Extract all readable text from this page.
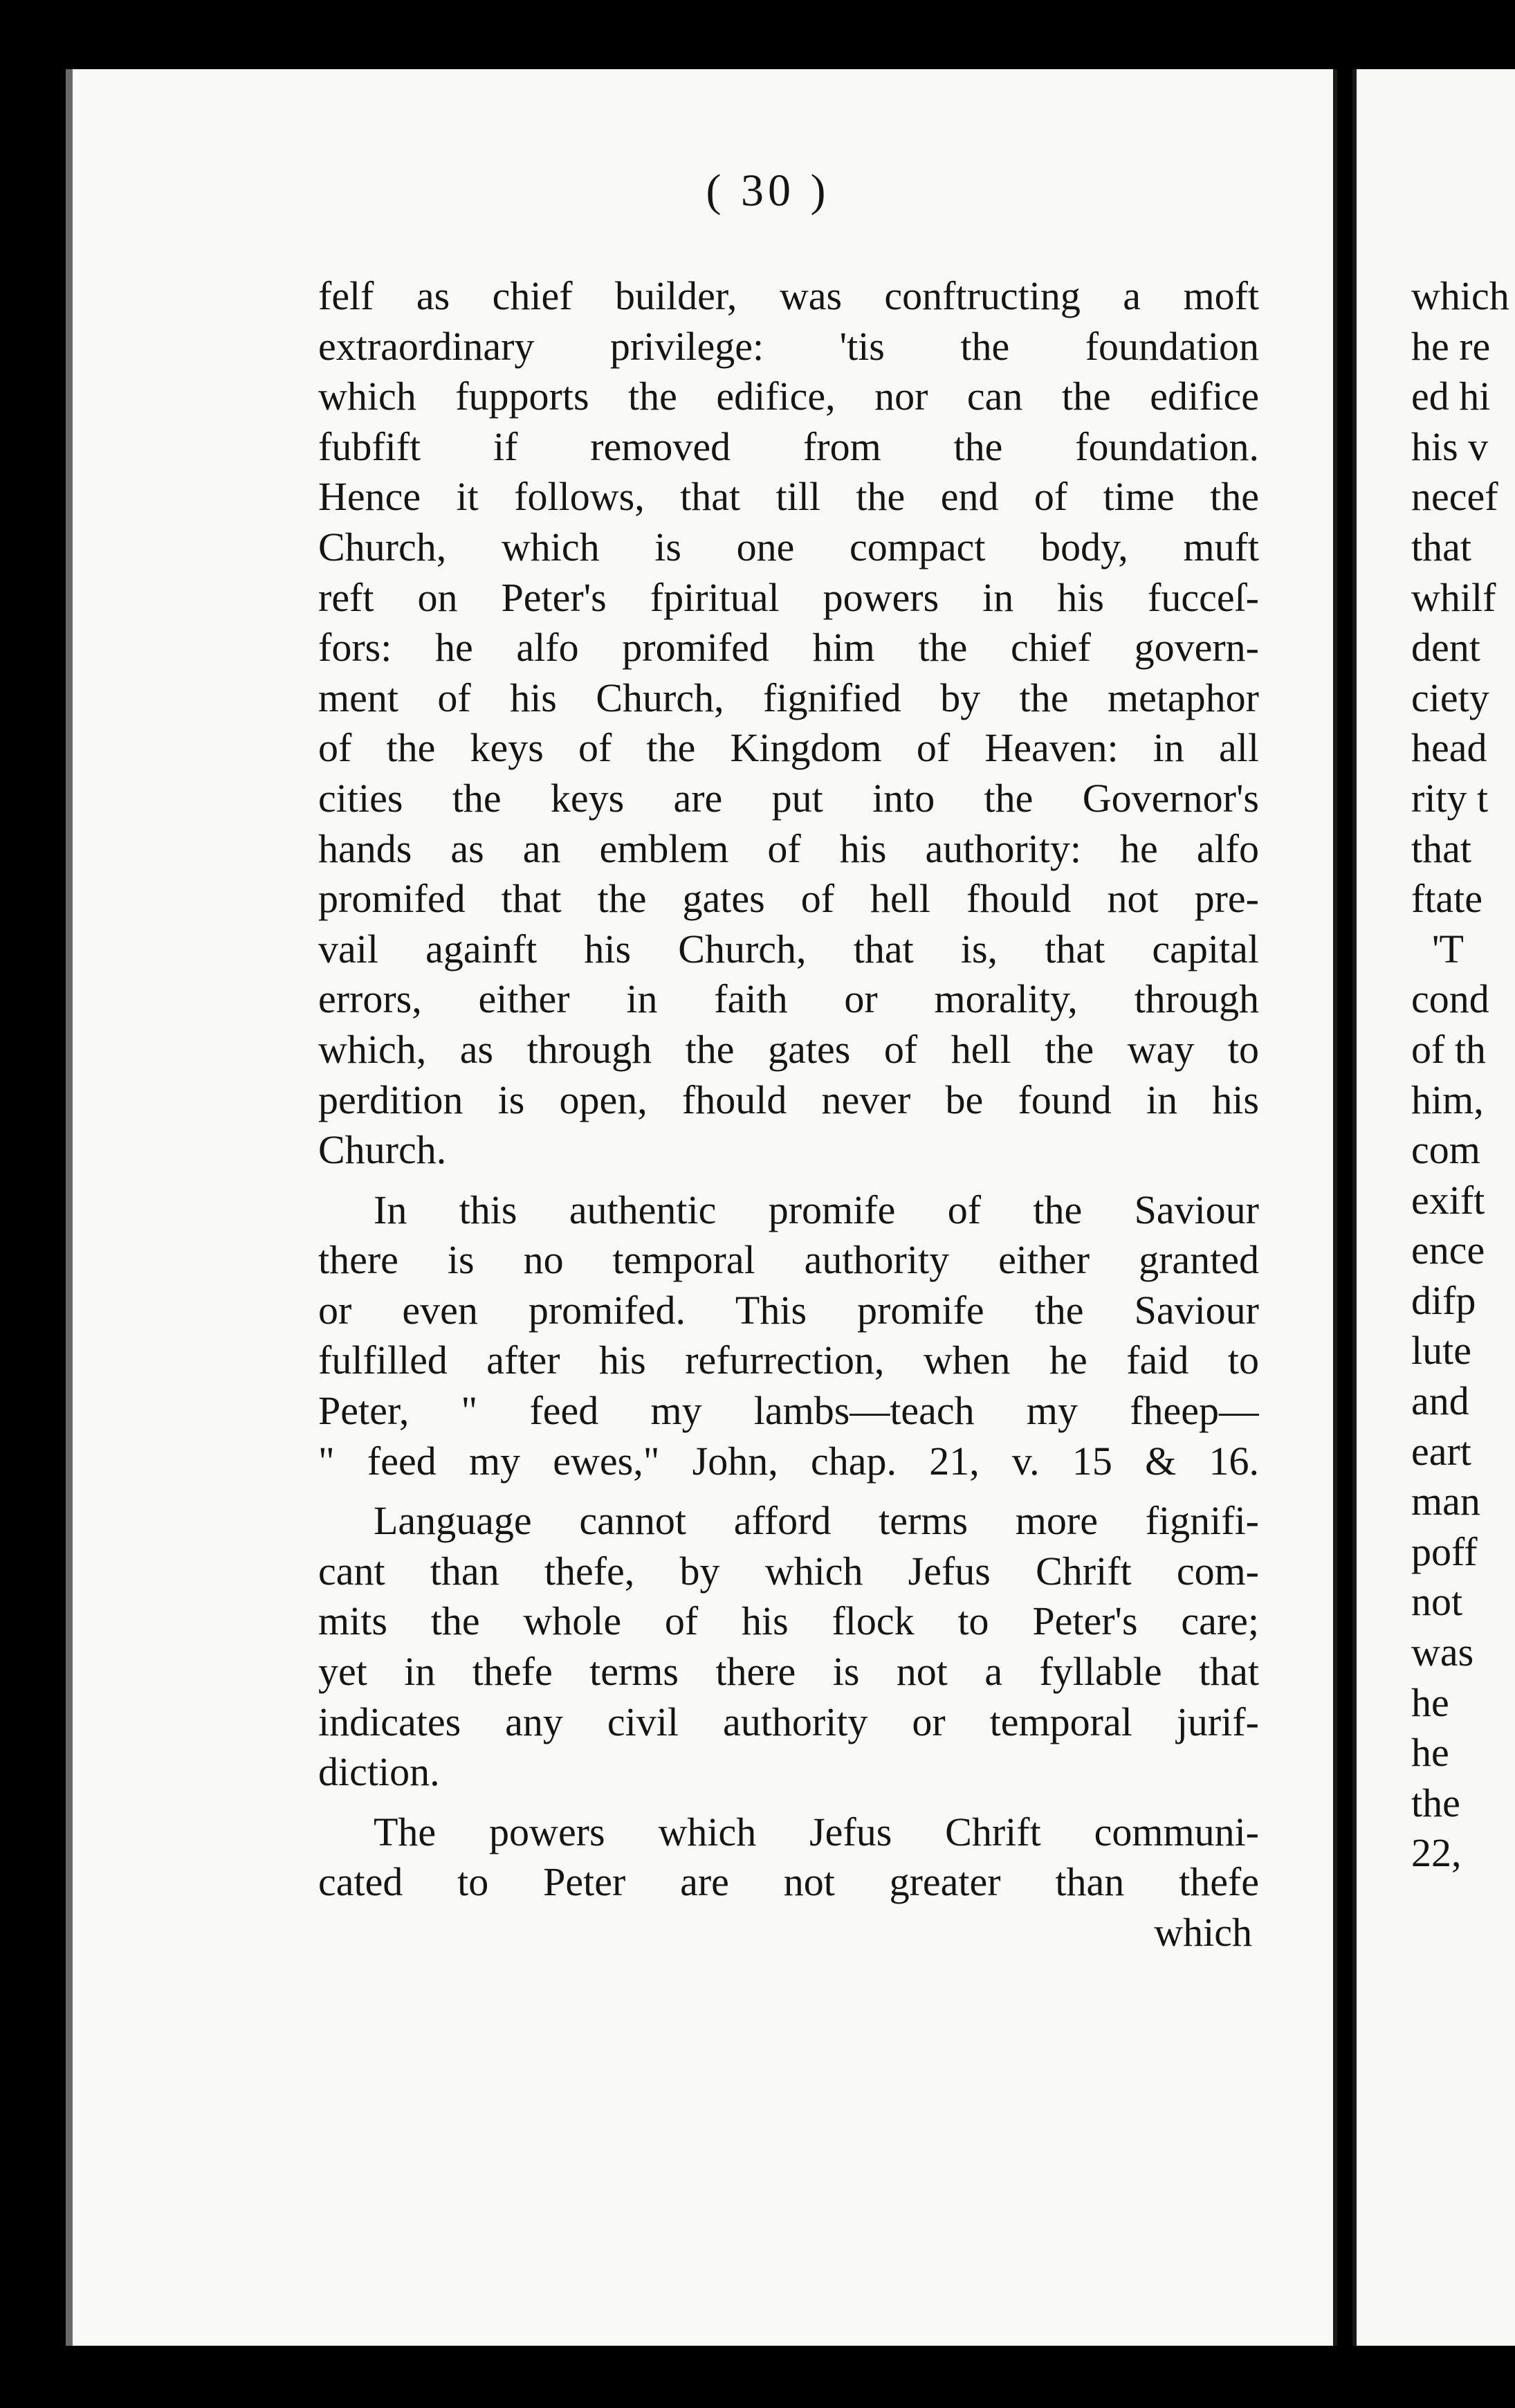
( 30 )
felf as chief builder, was conftructing a moft
extraordinary privilege: 'tis the foundation
which fupports the edifice, nor can the edifice
fubfift if removed from the foundation.
Hence it follows, that till the end of time the
Church, which is one compact body, muft
reft on Peter's fpiritual powers in his fucceſ-
fors: he alfo promifed him the chief govern-
ment of his Church, fignified by the metaphor
of the keys of the Kingdom of Heaven: in all
cities the keys are put into the Governor's
hands as an emblem of his authority: he alfo
promifed that the gates of hell fhould not pre-
vail againft his Church, that is, that capital
errors, either in faith or morality, through
which, as through the gates of hell the way to
perdition is open, fhould never be found in his
Church.
In this authentic promife of the Saviour
there is no temporal authority either granted
or even promifed. This promife the Saviour
fulfilled after his refurrection, when he faid to
Peter, " feed my lambs—teach my fheep—
" feed my ewes," John, chap. 21, v. 15 & 16.
Language cannot afford terms more fignifi-
cant than thefe, by which Jefus Chrift com-
mits the whole of his flock to Peter's care;
yet in thefe terms there is not a fyllable that
indicates any civil authority or temporal jurif-
diction.
The powers which Jefus Chrift communi-
cated to Peter are not greater than thefe
which
which
he re
ed hi
his v
necef
that
whilf
dent
ciety
head
rity t
that
ftate
'T
cond
of th
him,
com
exift
ence
difp
lute
and
eart
man
poff
not
was
he
he
the
22,
